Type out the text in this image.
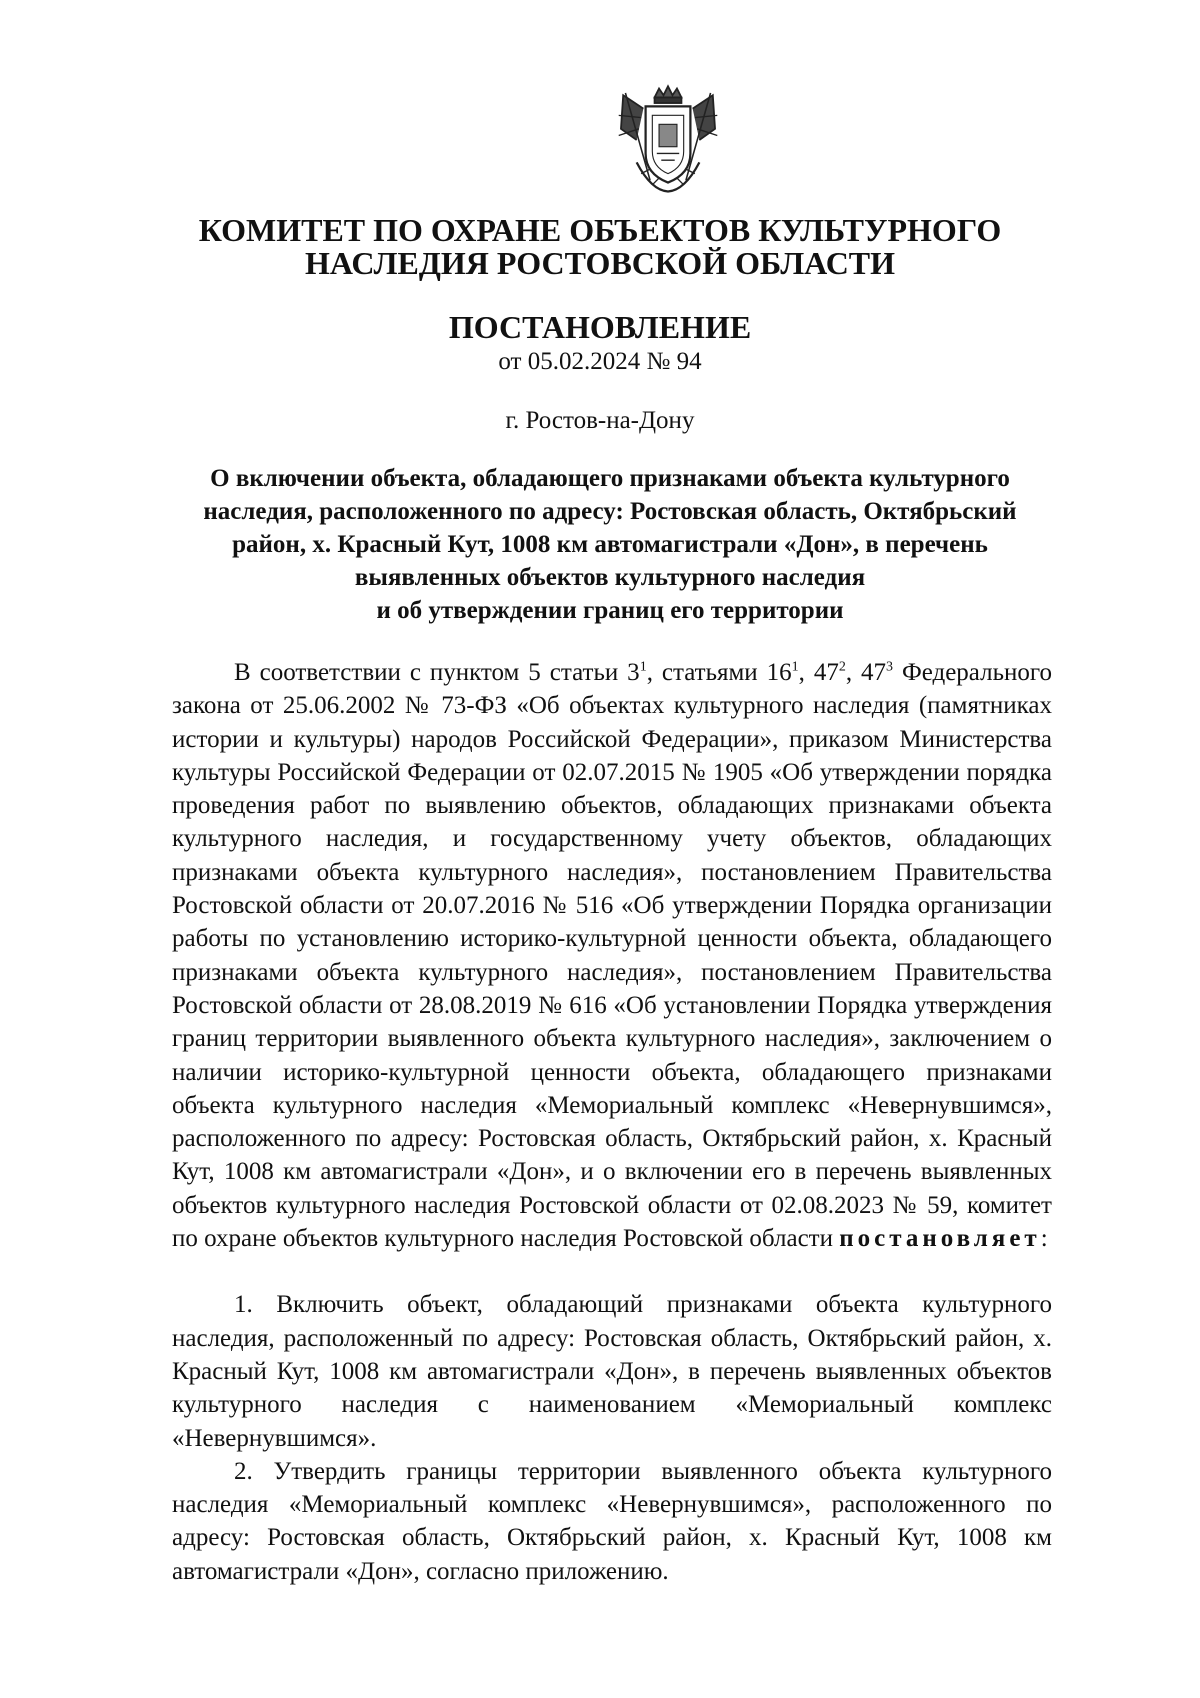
КОМИТЕТ ПО ОХРАНЕ ОБЪЕКТОВ КУЛЬТУРНОГО
НАСЛЕДИЯ РОСТОВСКОЙ ОБЛАСТИ
ПОСТАНОВЛЕНИЕ
от 05.02.2024 № 94
г. Ростов-на-Дону
О включении объекта, обладающего признаками объекта культурного
наследия, расположенного по адресу: Ростовская область, Октябрьский
район, х. Красный Кут, 1008 км автомагистрали «Дон», в перечень
выявленных объектов культурного наследия
и об утверждении границ его территории

В соответствии с пунктом 5 статьи $3^1$, статьями $16^1$, $47^2$, $47^3$ Федерального закона от 25.06.2002 № 73-ФЗ «Об объектах культурного наследия (памятниках истории и культуры) народов Российской Федерации», приказом Министерства культуры Российской Федерации от 02.07.2015 № 1905 «Об утверждении порядка проведения работ по выявлению объектов, обладающих признаками объекта культурного наследия, и государственному учету объектов, обладающих признаками объекта культурного наследия», постановлением Правительства Ростовской области от 20.07.2016 № 516 «Об утверждении Порядка организации работы по установлению историко-культурной ценности объекта, обладающего признаками объекта культурного наследия», постановлением Правительства Ростовской области от 28.08.2019 № 616 «Об установлении Порядка утверждения границ территории выявленного объекта культурного наследия», заключением о наличии историко-культурной ценности объекта, обладающего признаками объекта культурного наследия «Мемориальный комплекс «Невернувшимся», расположенного по адресу: Ростовская область, Октябрьский район, х. Красный Кут, 1008 км автомагистрали «Дон», и о включении его в перечень выявленных объектов культурного наследия Ростовской области от 02.08.2023 № 59, комитет по охране объектов культурного наследия Ростовской области постановляет:

1. Включить объект, обладающий признаками объекта культурного наследия, расположенный по адресу: Ростовская область, Октябрьский район, х. Красный Кут, 1008 км автомагистрали «Дон», в перечень выявленных объектов культурного наследия с наименованием «Мемориальный комплекс «Невернувшимся».

2. Утвердить границы территории выявленного объекта культурного наследия «Мемориальный комплекс «Невернувшимся», расположенного по адресу: Ростовская область, Октябрьский район, х. Красный Кут, 1008 км автомагистрали «Дон», согласно приложению.
